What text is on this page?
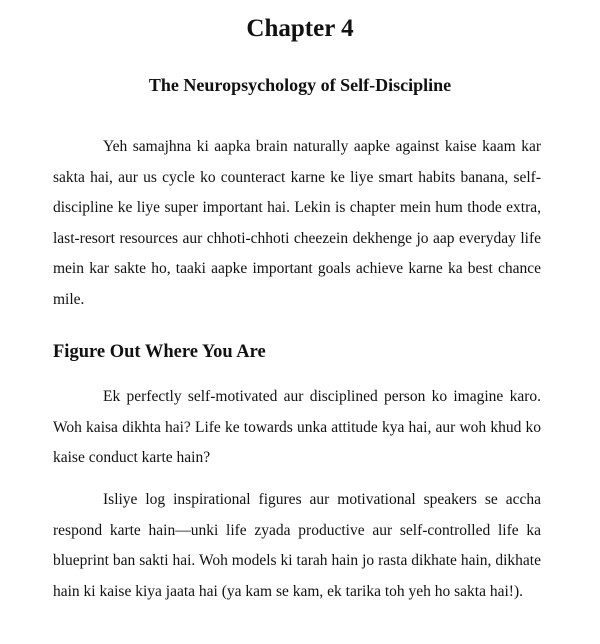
Chapter 4
The Neuropsychology of Self-Discipline

Yeh samajhna ki aapka brain naturally aapke against kaise kaam kar sakta hai, aur us cycle ko counteract karne ke liye smart habits banana, self-discipline ke liye super important hai. Lekin is chapter mein hum thode extra, last-resort resources aur chhoti-chhoti cheezein dekhenge jo aap everyday life mein kar sakte ho, taaki aapke important goals achieve karne ka best chance mile.

Figure Out Where You Are

Ek perfectly self-motivated aur disciplined person ko imagine karo. Woh kaisa dikhta hai? Life ke towards unka attitude kya hai, aur woh khud ko kaise conduct karte hain?

Isliye log inspirational figures aur motivational speakers se accha respond karte hain—unki life zyada productive aur self-controlled life ka blueprint ban sakti hai. Woh models ki tarah hain jo rasta dikhate hain, dikhate hain ki kaise kiya jaata hai (ya kam se kam, ek tarika toh yeh ho sakta hai!).
